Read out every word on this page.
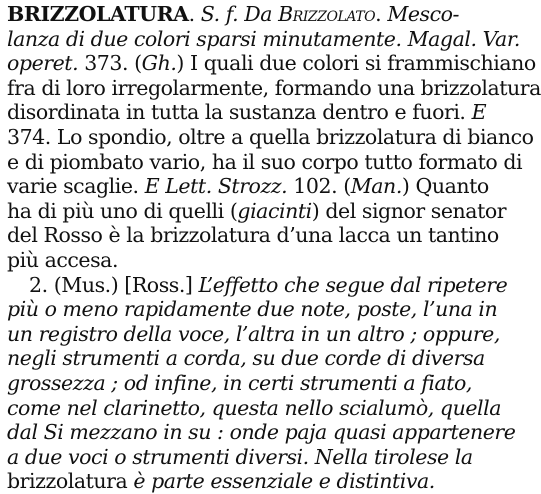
BRIZZOLATURA. S. f. Da Brizzolato. Mesco-
lanza di due colori sparsi minutamente. Magal. Var.
operet. 373. (Gh.) I quali due colori si frammischiano
fra di loro irregolarmente, formando una brizzolatura
disordinata in tutta la sustanza dentro e fuori. E
374. Lo spondio, oltre a quella brizzolatura di bianco
e di piombato vario, ha il suo corpo tutto formato di
varie scaglie. E Lett. Strozz. 102. (Man.) Quanto
ha di più uno di quelli (giacinti) del signor senator
del Rosso è la brizzolatura d’una lacca un tantino
più accesa.
2. (Mus.) [Ross.] L’effetto che segue dal ripetere
più o meno rapidamente due note, poste, l’una in
un registro della voce, l’altra in un altro ; oppure,
negli strumenti a corda, su due corde di diversa
grossezza ; od infine, in certi strumenti a fiato,
come nel clarinetto, questa nello scialumò, quella
dal Si mezzano in su : onde paja quasi appartenere
a due voci o strumenti diversi. Nella tirolese la
brizzolatura è parte essenziale e distintiva.
